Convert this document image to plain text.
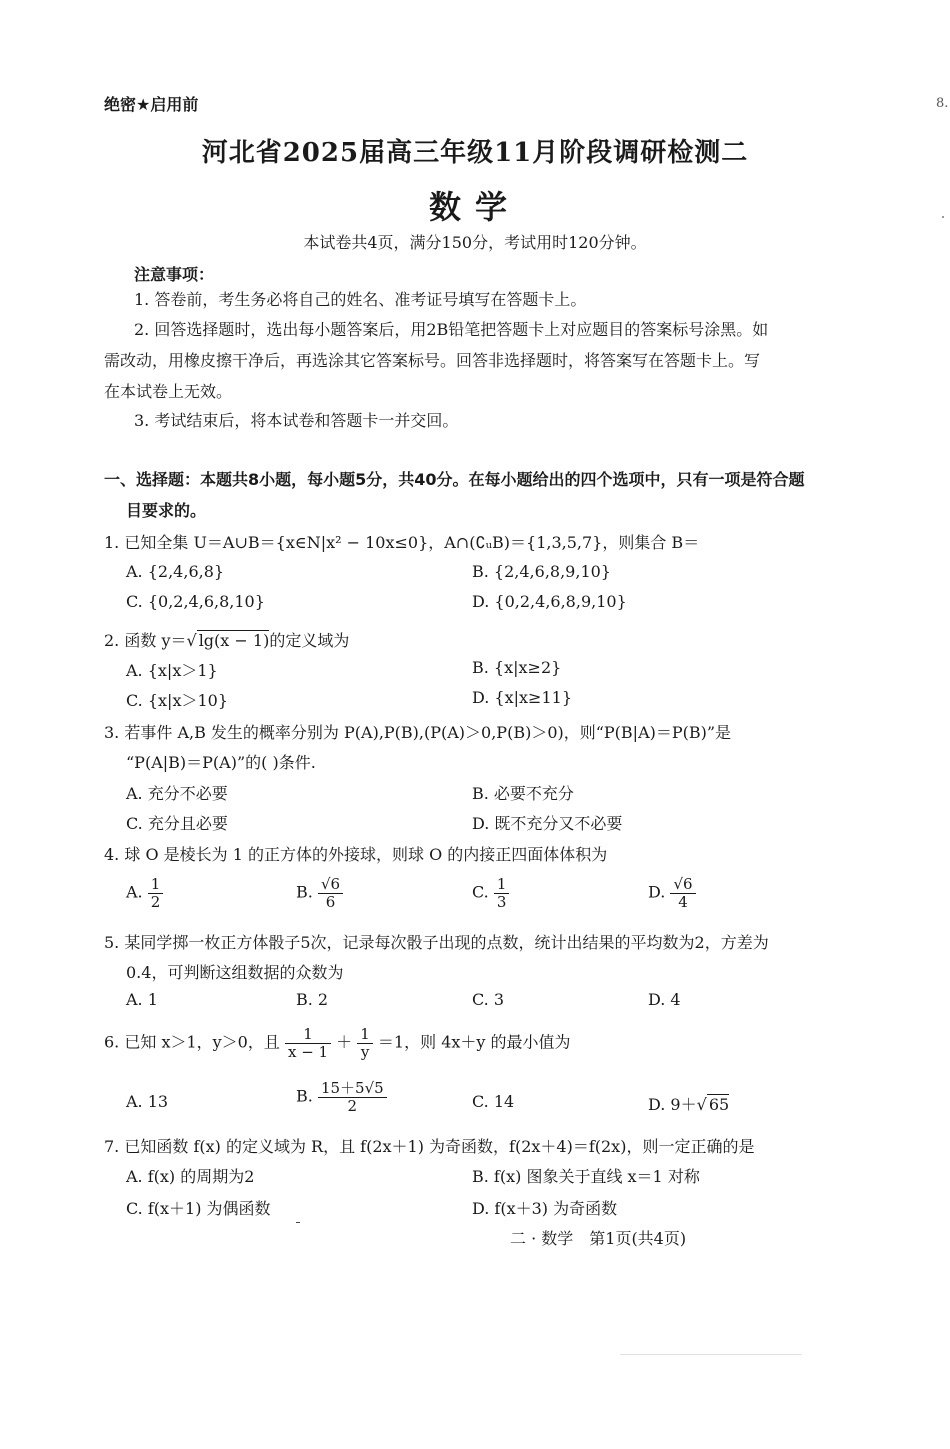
绝密★启用前	8.
河北省2025届高三年级11月阶段调研检测二
数学
本试卷共4页，满分150分，考试用时120分钟。
注意事项：
1. 答卷前，考生务必将自己的姓名、准考证号填写在答题卡上。
2. 回答选择题时，选出每小题答案后，用2B铅笔把答题卡上对应题目的答案标号涂黑。如
需改动，用橡皮擦干净后，再选涂其它答案标号。回答非选择题时，将答案写在答题卡上。写
在本试卷上无效。
3. 考试结束后，将本试卷和答题卡一并交回。
一、选择题：本题共8小题，每小题5分，共40分。在每小题给出的四个选项中，只有一项是符合题
目要求的。
1. 已知全集 U＝A∪B＝{x∈N|x² − 10x≤0}，A∩(∁ᵤB)＝{1,3,5,7}，则集合 B＝
A. {2,4,6,8}	B. {2,4,6,8,9,10}
C. {0,2,4,6,8,10}	D. {0,2,4,6,8,9,10}
2. 函数 y＝√ lg(x − 1)的定义域为
A. {x|x＞1}	B. {x|x≥2}
C. {x|x＞10}	D. {x|x≥11}
3. 若事件 A,B 发生的概率分别为 P(A),P(B),(P(A)＞0,P(B)＞0)，则“P(B|A)＝P(B)”是
“P(A|B)＝P(A)”的( )条件.
A. 充分不必要	B. 必要不充分
C. 充分且必要	D. 既不充分又不必要
4. 球 O 是棱长为 1 的正方体的外接球，则球 O 的内接正四面体体积为
A. $\frac{1}{2}$	B. $\frac{√6}{6}$	C. $\frac{1}{3}$	D. $\frac{√6}{4}$
5. 某同学掷一枚正方体骰子5次，记录每次骰子出现的点数，统计出结果的平均数为2，方差为
0.4，可判断这组数据的众数为
A. 1	B. 2	C. 3	D. 4
6. 已知 x＞1，y＞0，且 $\frac{1}{x - 1} + \frac{1}{y} =1$，则 4x＋y 的最小值为
A. 13	B. $\frac{15+5√5}{2}$	C. 14	D. 9＋√ 65
7. 已知函数 f(x) 的定义域为 R，且 f(2x＋1) 为奇函数，f(2x＋4)＝f(2x)，则一定正确的是
A. f(x) 的周期为2	B. f(x) 图象关于直线 x＝1 对称
C. f(x＋1) 为偶函数	D. f(x＋3) 为奇函数
二 · 数学　第1页(共4页)
